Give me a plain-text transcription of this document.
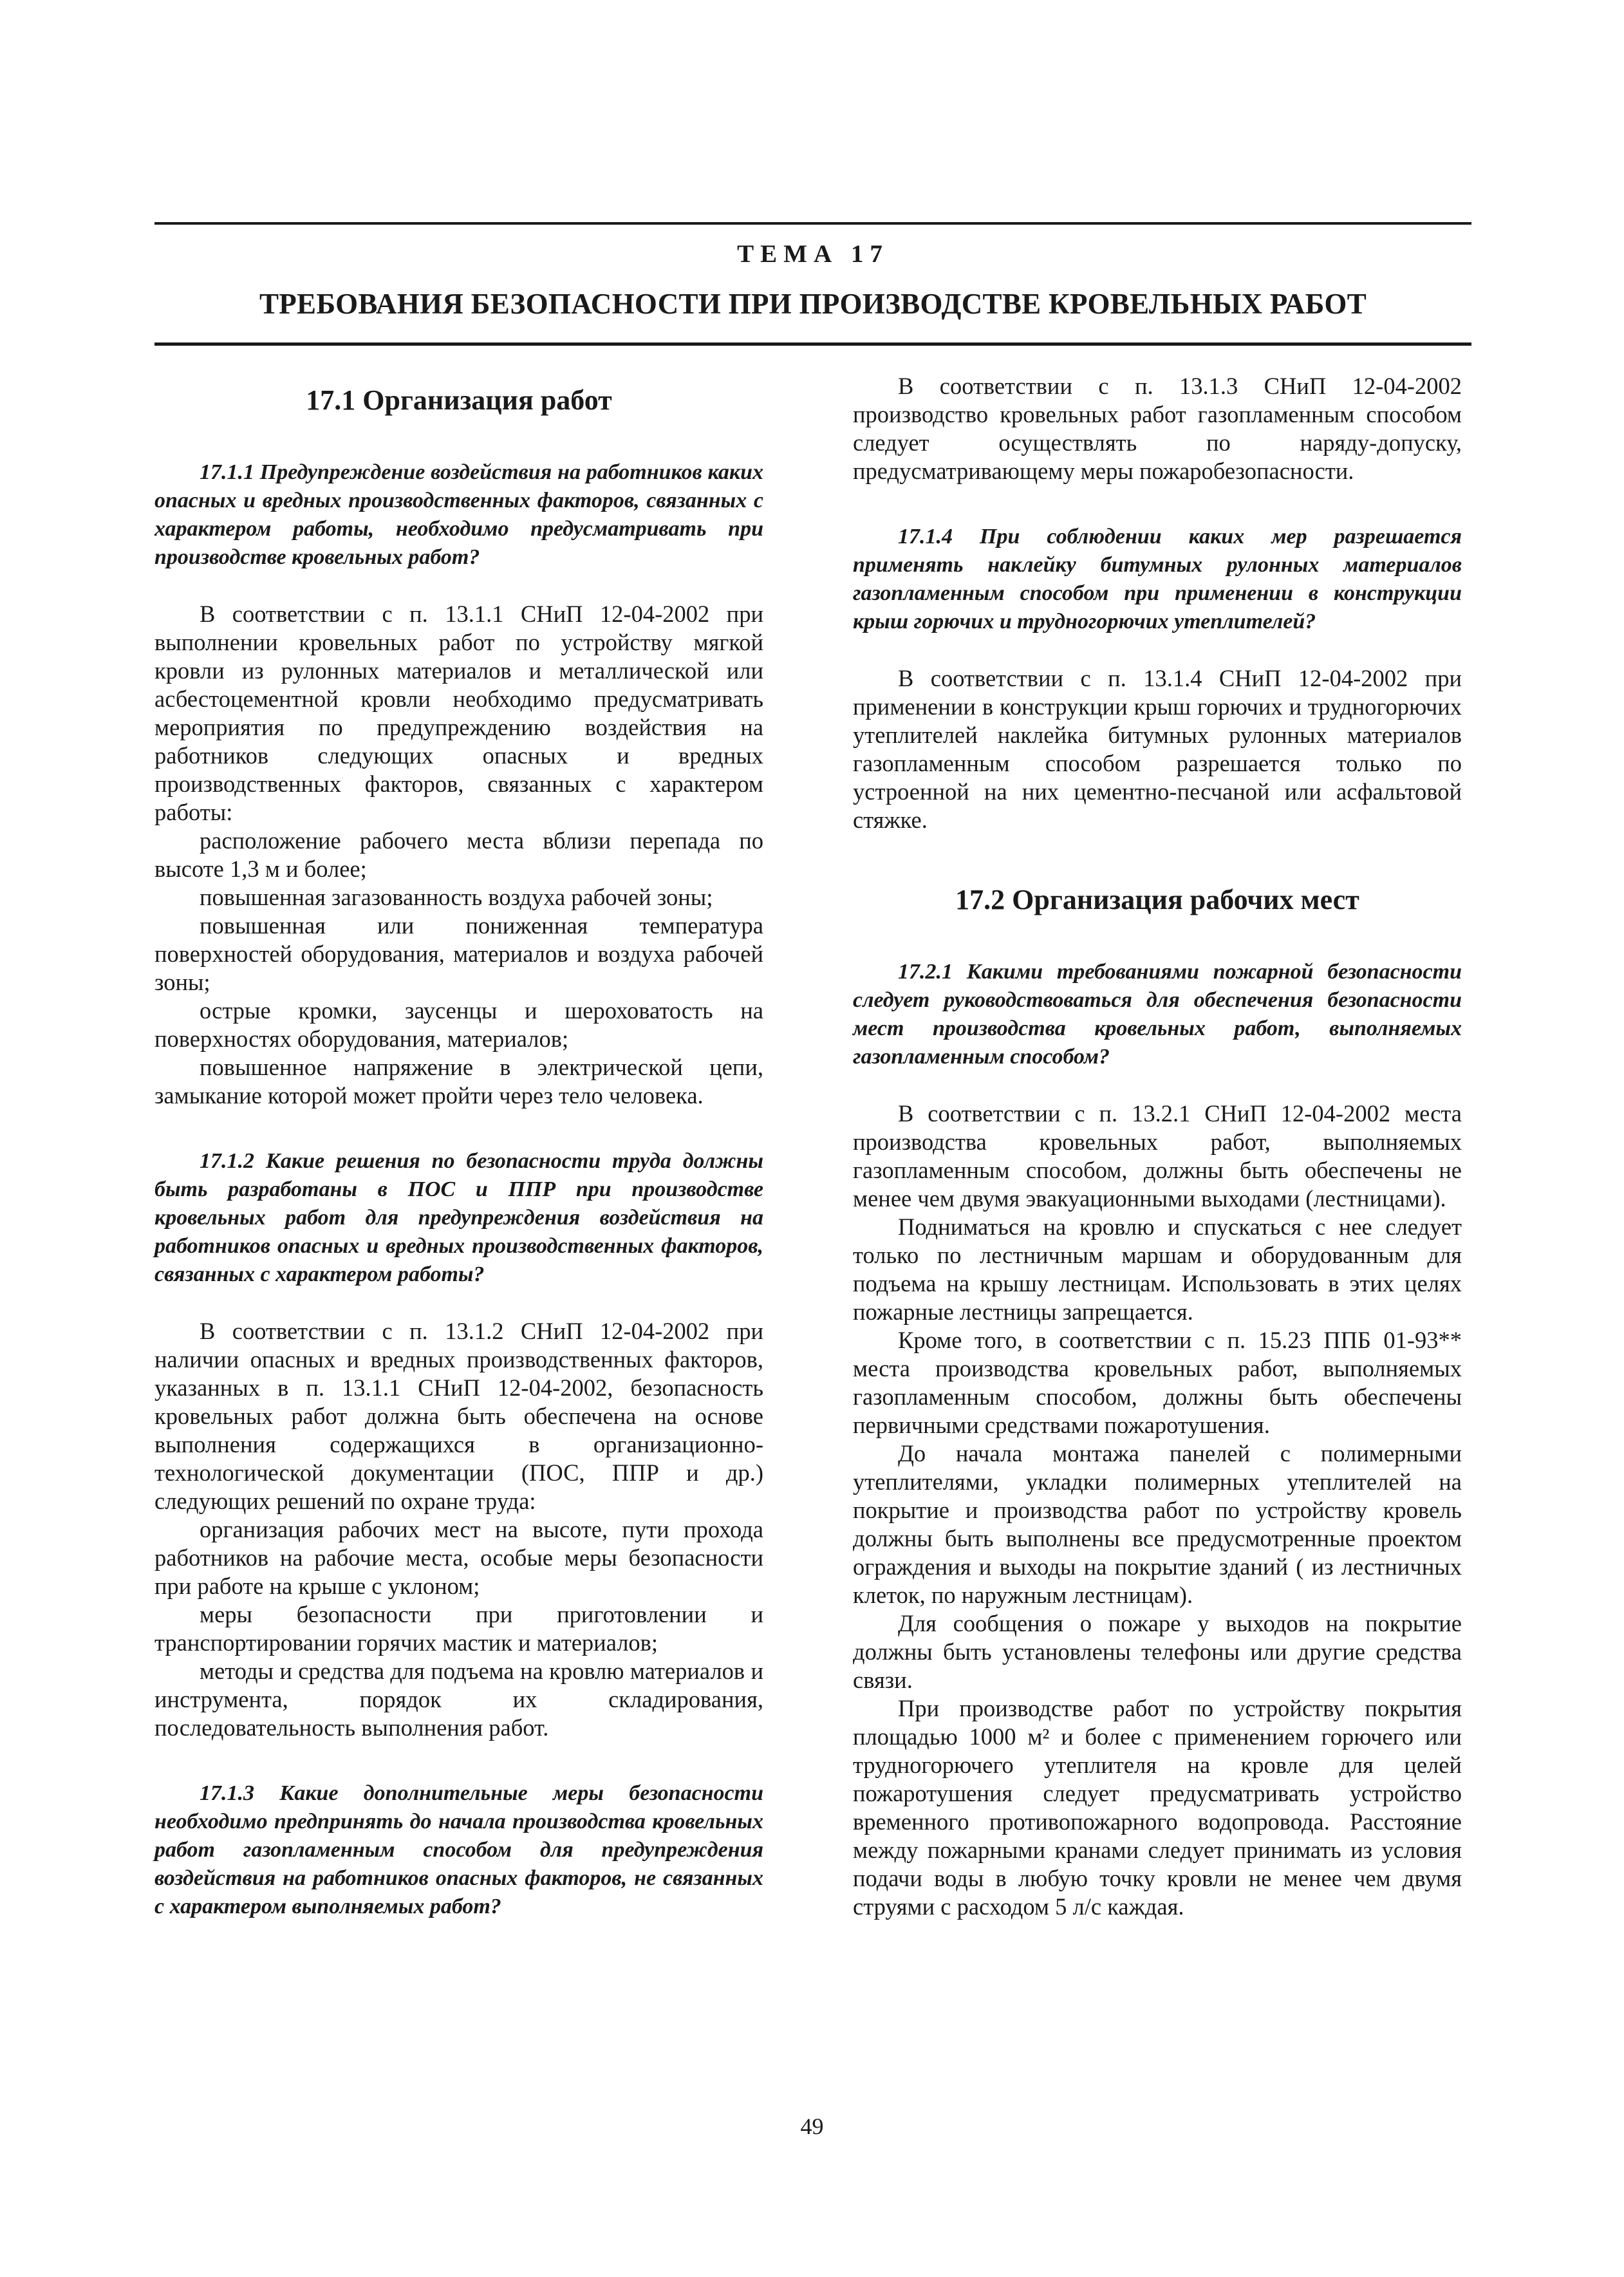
ТЕМА 17
ТРЕБОВАНИЯ БЕЗОПАСНОСТИ ПРИ ПРОИЗВОДСТВЕ КРОВЕЛЬНЫХ РАБОТ
17.1 Организация работ

17.1.1 Предупреждение воздействия на работников каких опасных и вредных производственных факторов, связанных с характером работы, необходимо предусматривать при производстве кровельных работ?

В соответствии с п. 13.1.1 СНиП 12-04-2002 при выполнении кровельных работ по устройству мягкой кровли из рулонных материалов и металлической или асбестоцементной кровли необходимо предусматривать мероприятия по предупреждению воздействия на работников следующих опасных и вредных производственных факторов, связанных с характером работы:

расположение рабочего места вблизи перепада по высоте 1,3 м и более;

повышенная загазованность воздуха рабочей зоны;

повышенная или пониженная температура поверхностей оборудования, материалов и воздуха рабочей зоны;

острые кромки, заусенцы и шероховатость на поверхностях оборудования, материалов;

повышенное напряжение в электрической цепи, замыкание которой может пройти через тело человека.

17.1.2 Какие решения по безопасности труда должны быть разработаны в ПОС и ППР при производстве кровельных работ для предупреждения воздействия на работников опасных и вредных производственных факторов, связанных с характером работы?

В соответствии с п. 13.1.2 СНиП 12-04-2002 при наличии опасных и вредных производственных факторов, указанных в п. 13.1.1 СНиП 12-04-2002, безопасность кровельных работ должна быть обеспечена на основе выполнения содержащихся в организационно-технологической документации (ПОС, ППР и др.) следующих решений по охране труда:

организация рабочих мест на высоте, пути прохода работников на рабочие места, особые меры безопасности при работе на крыше с уклоном;

меры безопасности при приготовлении и транспортировании горячих мастик и материалов;

методы и средства для подъема на кровлю материалов и инструмента, порядок их складирования, последовательность выполнения работ.

17.1.3 Какие дополнительные меры безопасности необходимо предпринять до начала производства кровельных работ газопламенным способом для предупреждения воздействия на работников опасных факторов, не связанных с характером выполняемых работ?

В соответствии с п. 13.1.3 СНиП 12-04-2002 производство кровельных работ газопламенным способом следует осуществлять по наряду-допуску, предусматривающему меры пожаробезопасности.

17.1.4 При соблюдении каких мер разрешается применять наклейку битумных рулонных материалов газопламенным способом при применении в конструкции крыш горючих и трудногорючих утеплителей?

В соответствии с п. 13.1.4 СНиП 12-04-2002 при применении в конструкции крыш горючих и трудногорючих утеплителей наклейка битумных рулонных материалов газопламенным способом разрешается только по устроенной на них цементно-песчаной или асфальтовой стяжке.

17.2 Организация рабочих мест

17.2.1 Какими требованиями пожарной безопасности следует руководствоваться для обеспечения безопасности мест производства кровельных работ, выполняемых газопламенным способом?

В соответствии с п. 13.2.1 СНиП 12-04-2002 места производства кровельных работ, выполняемых газопламенным способом, должны быть обеспечены не менее чем двумя эвакуационными выходами (лестницами).

Подниматься на кровлю и спускаться с нее следует только по лестничным маршам и оборудованным для подъема на крышу лестницам. Использовать в этих целях пожарные лестницы запрещается.

Кроме того, в соответствии с п. 15.23 ППБ 01-93** места производства кровельных работ, выполняемых газопламенным способом, должны быть обеспечены первичными средствами пожаротушения.

До начала монтажа панелей с полимерными утеплителями, укладки полимерных утеплителей на покрытие и производства работ по устройству кровель должны быть выполнены все предусмотренные проектом ограждения и выходы на покрытие зданий ( из лестничных клеток, по наружным лестницам).

Для сообщения о пожаре у выходов на покрытие должны быть установлены телефоны или другие средства связи.

При производстве работ по устройству покрытия площадью 1000 м² и более с применением горючего или трудногорючего утеплителя на кровле для целей пожаротушения следует предусматривать устройство временного противопожарного водопровода. Расстояние между пожарными кранами следует принимать из условия подачи воды в любую точку кровли не менее чем двумя струями с расходом 5 л/с каждая.

49
